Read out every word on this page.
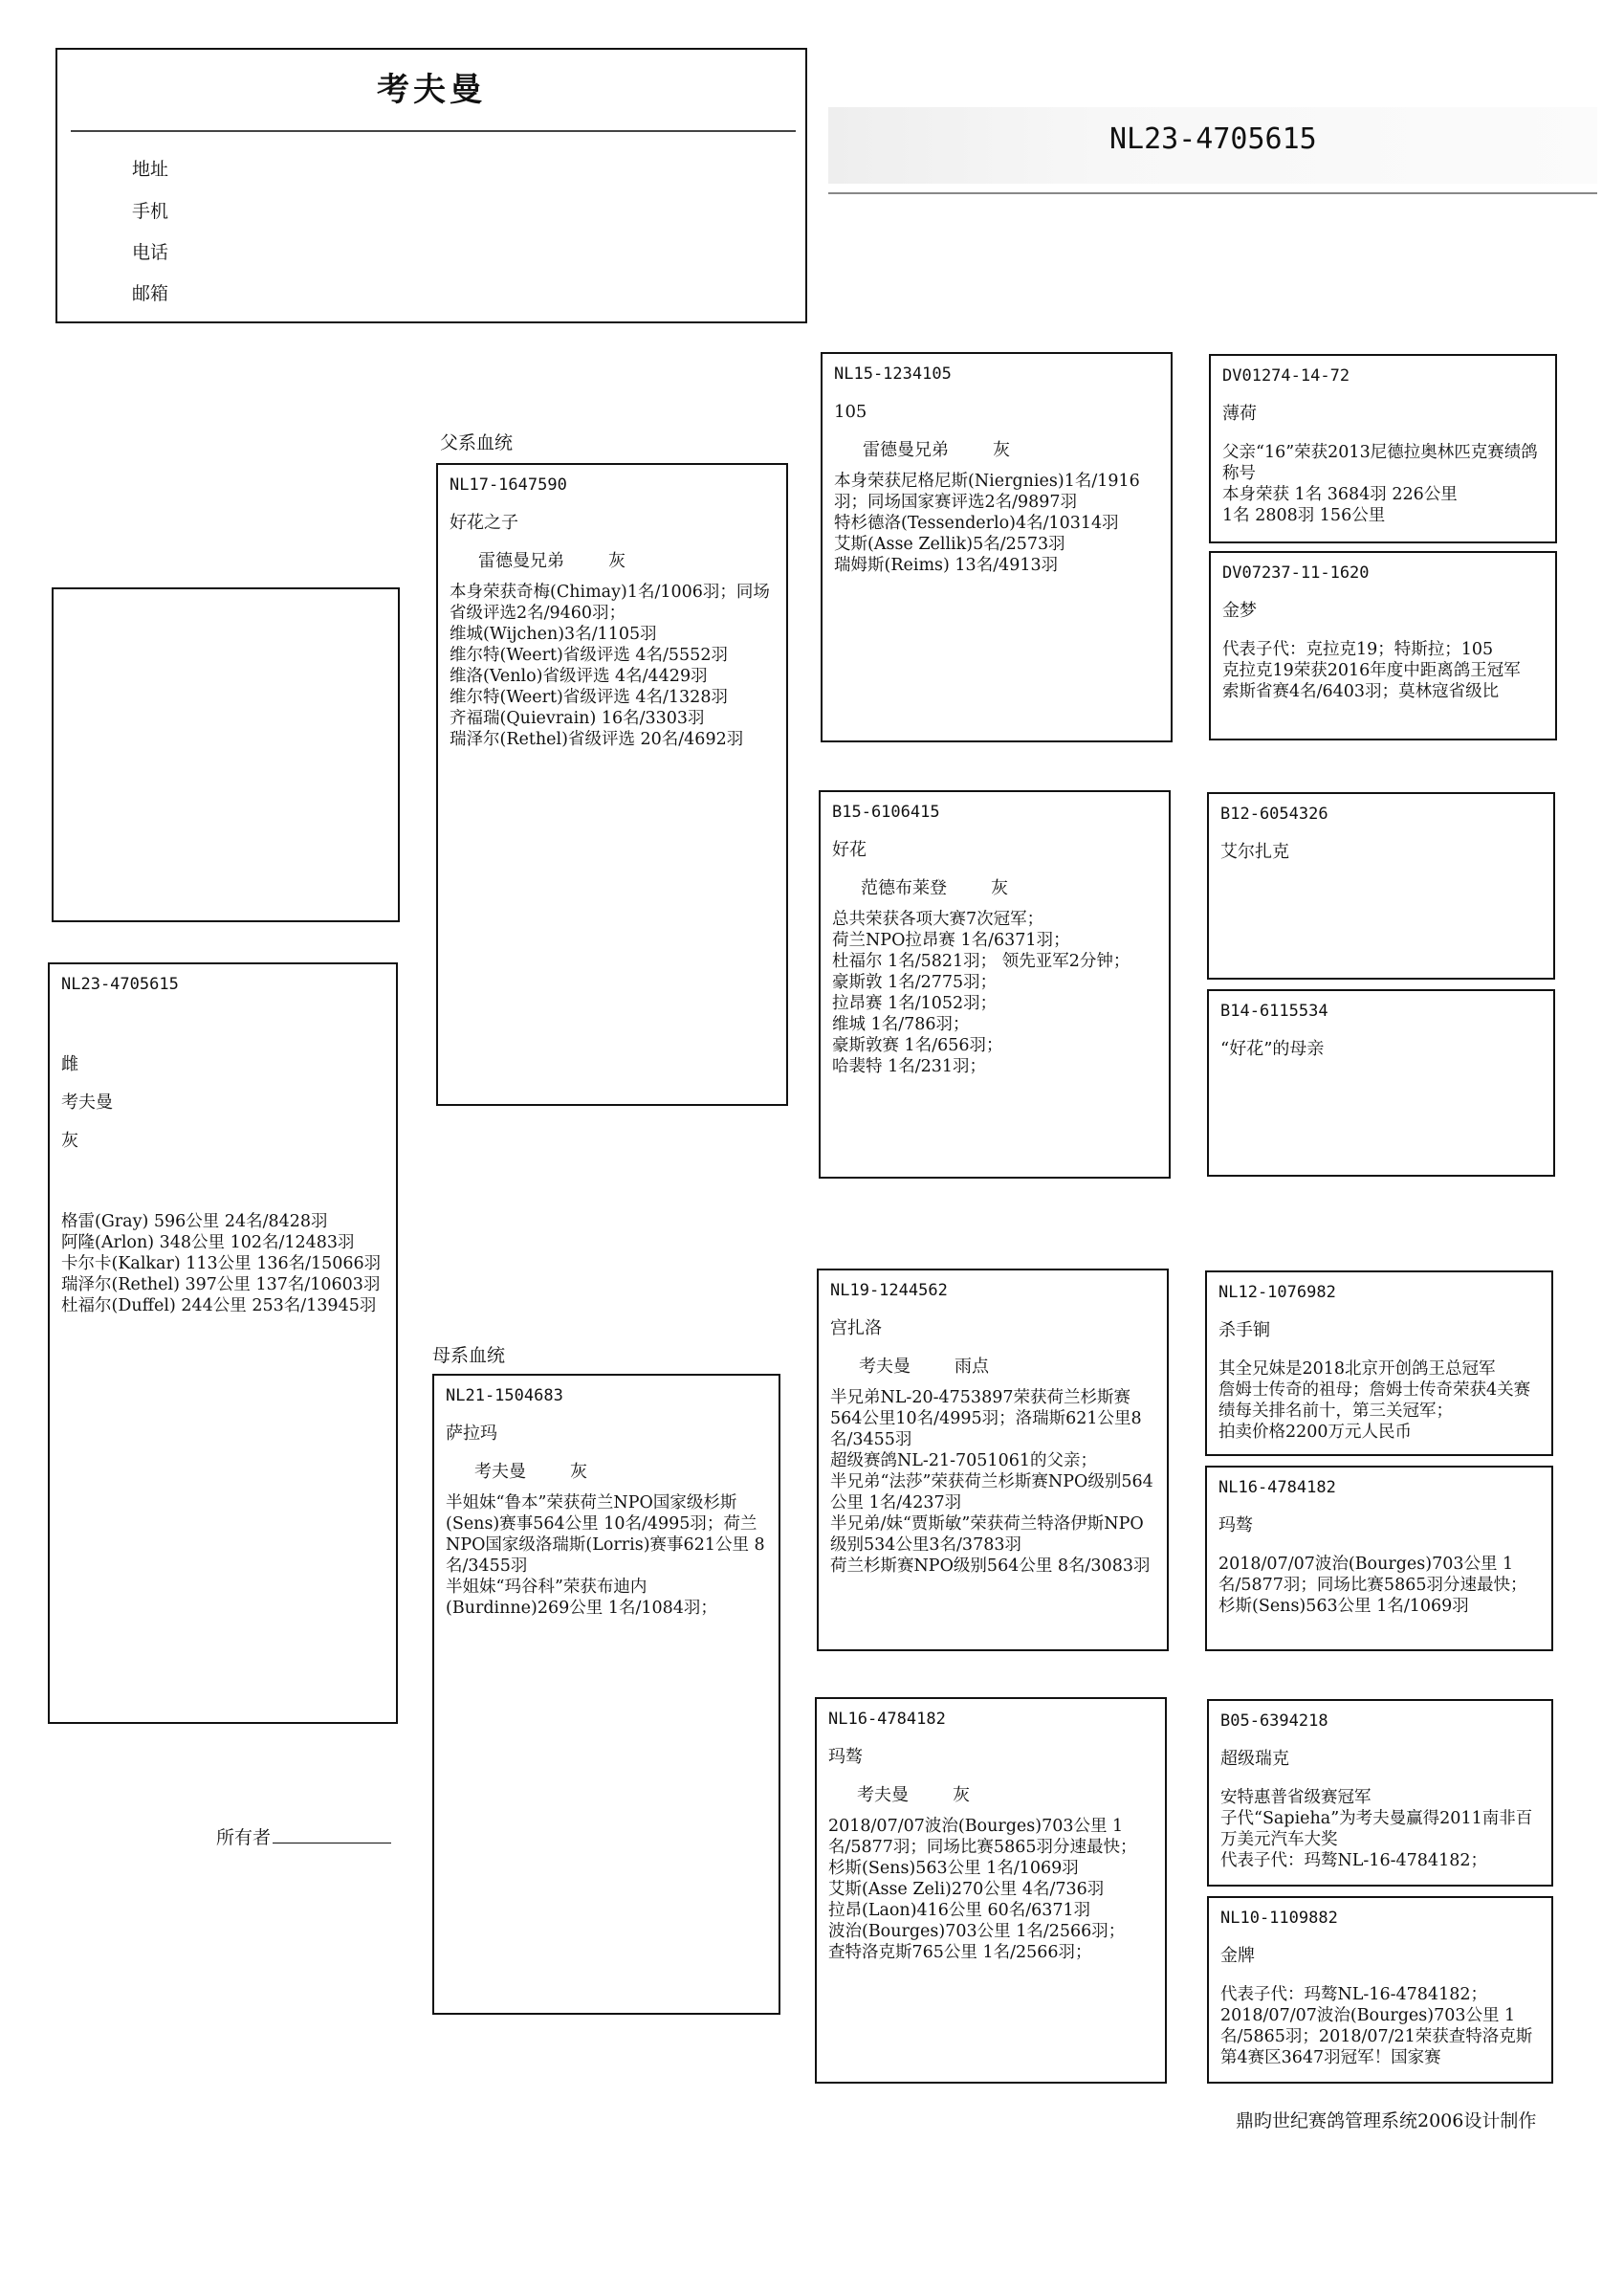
考夫曼
地址
手机
电话
邮箱
NL23-4705615
NL23-4705615
雌
考夫曼
灰
格雷(Gray) 596公里 24名/8428羽
阿隆(Arlon) 348公里 102名/12483羽
卡尔卡(Kalkar) 113公里 136名/15066羽
瑞泽尔(Rethel) 397公里 137名/10603羽
杜福尔(Duffel) 244公里 253名/13945羽
父系血统
母系血统
所有者
NL17-1647590
好花之子
雷德曼兄弟	灰
本身荣获奇梅(Chimay)1名/1006羽；同场省级评选2名/9460羽；
维城(Wijchen)3名/1105羽
维尔特(Weert)省级评选 4名/5552羽
维洛(Venlo)省级评选 4名/4429羽
维尔特(Weert)省级评选 4名/1328羽
齐福瑞(Quievrain) 16名/3303羽
瑞泽尔(Rethel)省级评选 20名/4692羽
NL15-1234105
105
雷德曼兄弟	灰
本身荣获尼格尼斯(Niergnies)1名/1916羽；同场国家赛评选2名/9897羽
特杉德洛(Tessenderlo)4名/10314羽
艾斯(Asse Zellik)5名/2573羽
瑞姆斯(Reims) 13名/4913羽
DV01274-14-72
薄荷
父亲“16”荣获2013尼德拉奥林匹克赛绩鸽称号
本身荣获 1名 3684羽 226公里
1名 2808羽 156公里
DV07237-11-1620
金梦
代表子代：克拉克19；特斯拉；105
克拉克19荣获2016年度中距离鸽王冠军
索斯省赛4名/6403羽；莫林寇省级比
B15-6106415
好花
范德布莱登	灰
总共荣获各项大赛7次冠军；
荷兰NPO拉昂赛 1名/6371羽；
杜福尔 1名/5821羽； 领先亚军2分钟；
豪斯敦 1名/2775羽；
拉昂赛 1名/1052羽；
维城 1名/786羽；
豪斯敦赛 1名/656羽；
哈裴特 1名/231羽；
B12-6054326
艾尔扎克
B14-6115534
“好花”的母亲
NL21-1504683
萨拉玛
考夫曼	灰
半姐妹“鲁本”荣获荷兰NPO国家级杉斯(Sens)赛事564公里 10名/4995羽；荷兰NPO国家级洛瑞斯(Lorris)赛事621公里 8名/3455羽
半姐妹“玛谷科”荣获布迪内(Burdinne)269公里 1名/1084羽；
NL19-1244562
宫扎洛
考夫曼	雨点
半兄弟NL-20-4753897荣获荷兰杉斯赛564公里10名/4995羽；洛瑞斯621公里8名/3455羽
超级赛鸽NL-21-7051061的父亲；
半兄弟“法莎”荣获荷兰杉斯赛NPO级别564公里 1名/4237羽
半兄弟/妹“贾斯敏”荣获荷兰特洛伊斯NPO级别534公里3名/3783羽
荷兰杉斯赛NPO级别564公里 8名/3083羽
NL12-1076982
杀手锏
其全兄妹是2018北京开创鸽王总冠军
詹姆士传奇的祖母；詹姆士传奇荣获4关赛绩每关排名前十，第三关冠军；
拍卖价格2200万元人民币
NL16-4784182
玛骜
2018/07/07波治(Bourges)703公里 1名/5877羽；同场比赛5865羽分速最快；
杉斯(Sens)563公里 1名/1069羽
NL16-4784182
玛骜
考夫曼	灰
2018/07/07波治(Bourges)703公里 1名/5877羽；同场比赛5865羽分速最快；
杉斯(Sens)563公里 1名/1069羽
艾斯(Asse Zeli)270公里 4名/736羽
拉昂(Laon)416公里 60名/6371羽
波治(Bourges)703公里 1名/2566羽；
查特洛克斯765公里 1名/2566羽；
B05-6394218
超级瑞克
安特惠普省级赛冠军
子代“Sapieha”为考夫曼赢得2011南非百万美元汽车大奖
代表子代：玛骜NL-16-4784182；
NL10-1109882
金牌
代表子代：玛骜NL-16-4784182；
2018/07/07波治(Bourges)703公里 1名/5865羽；2018/07/21荣获查特洛克斯第4赛区3647羽冠军！国家赛
鼎昀世纪赛鸽管理系统2006设计制作
